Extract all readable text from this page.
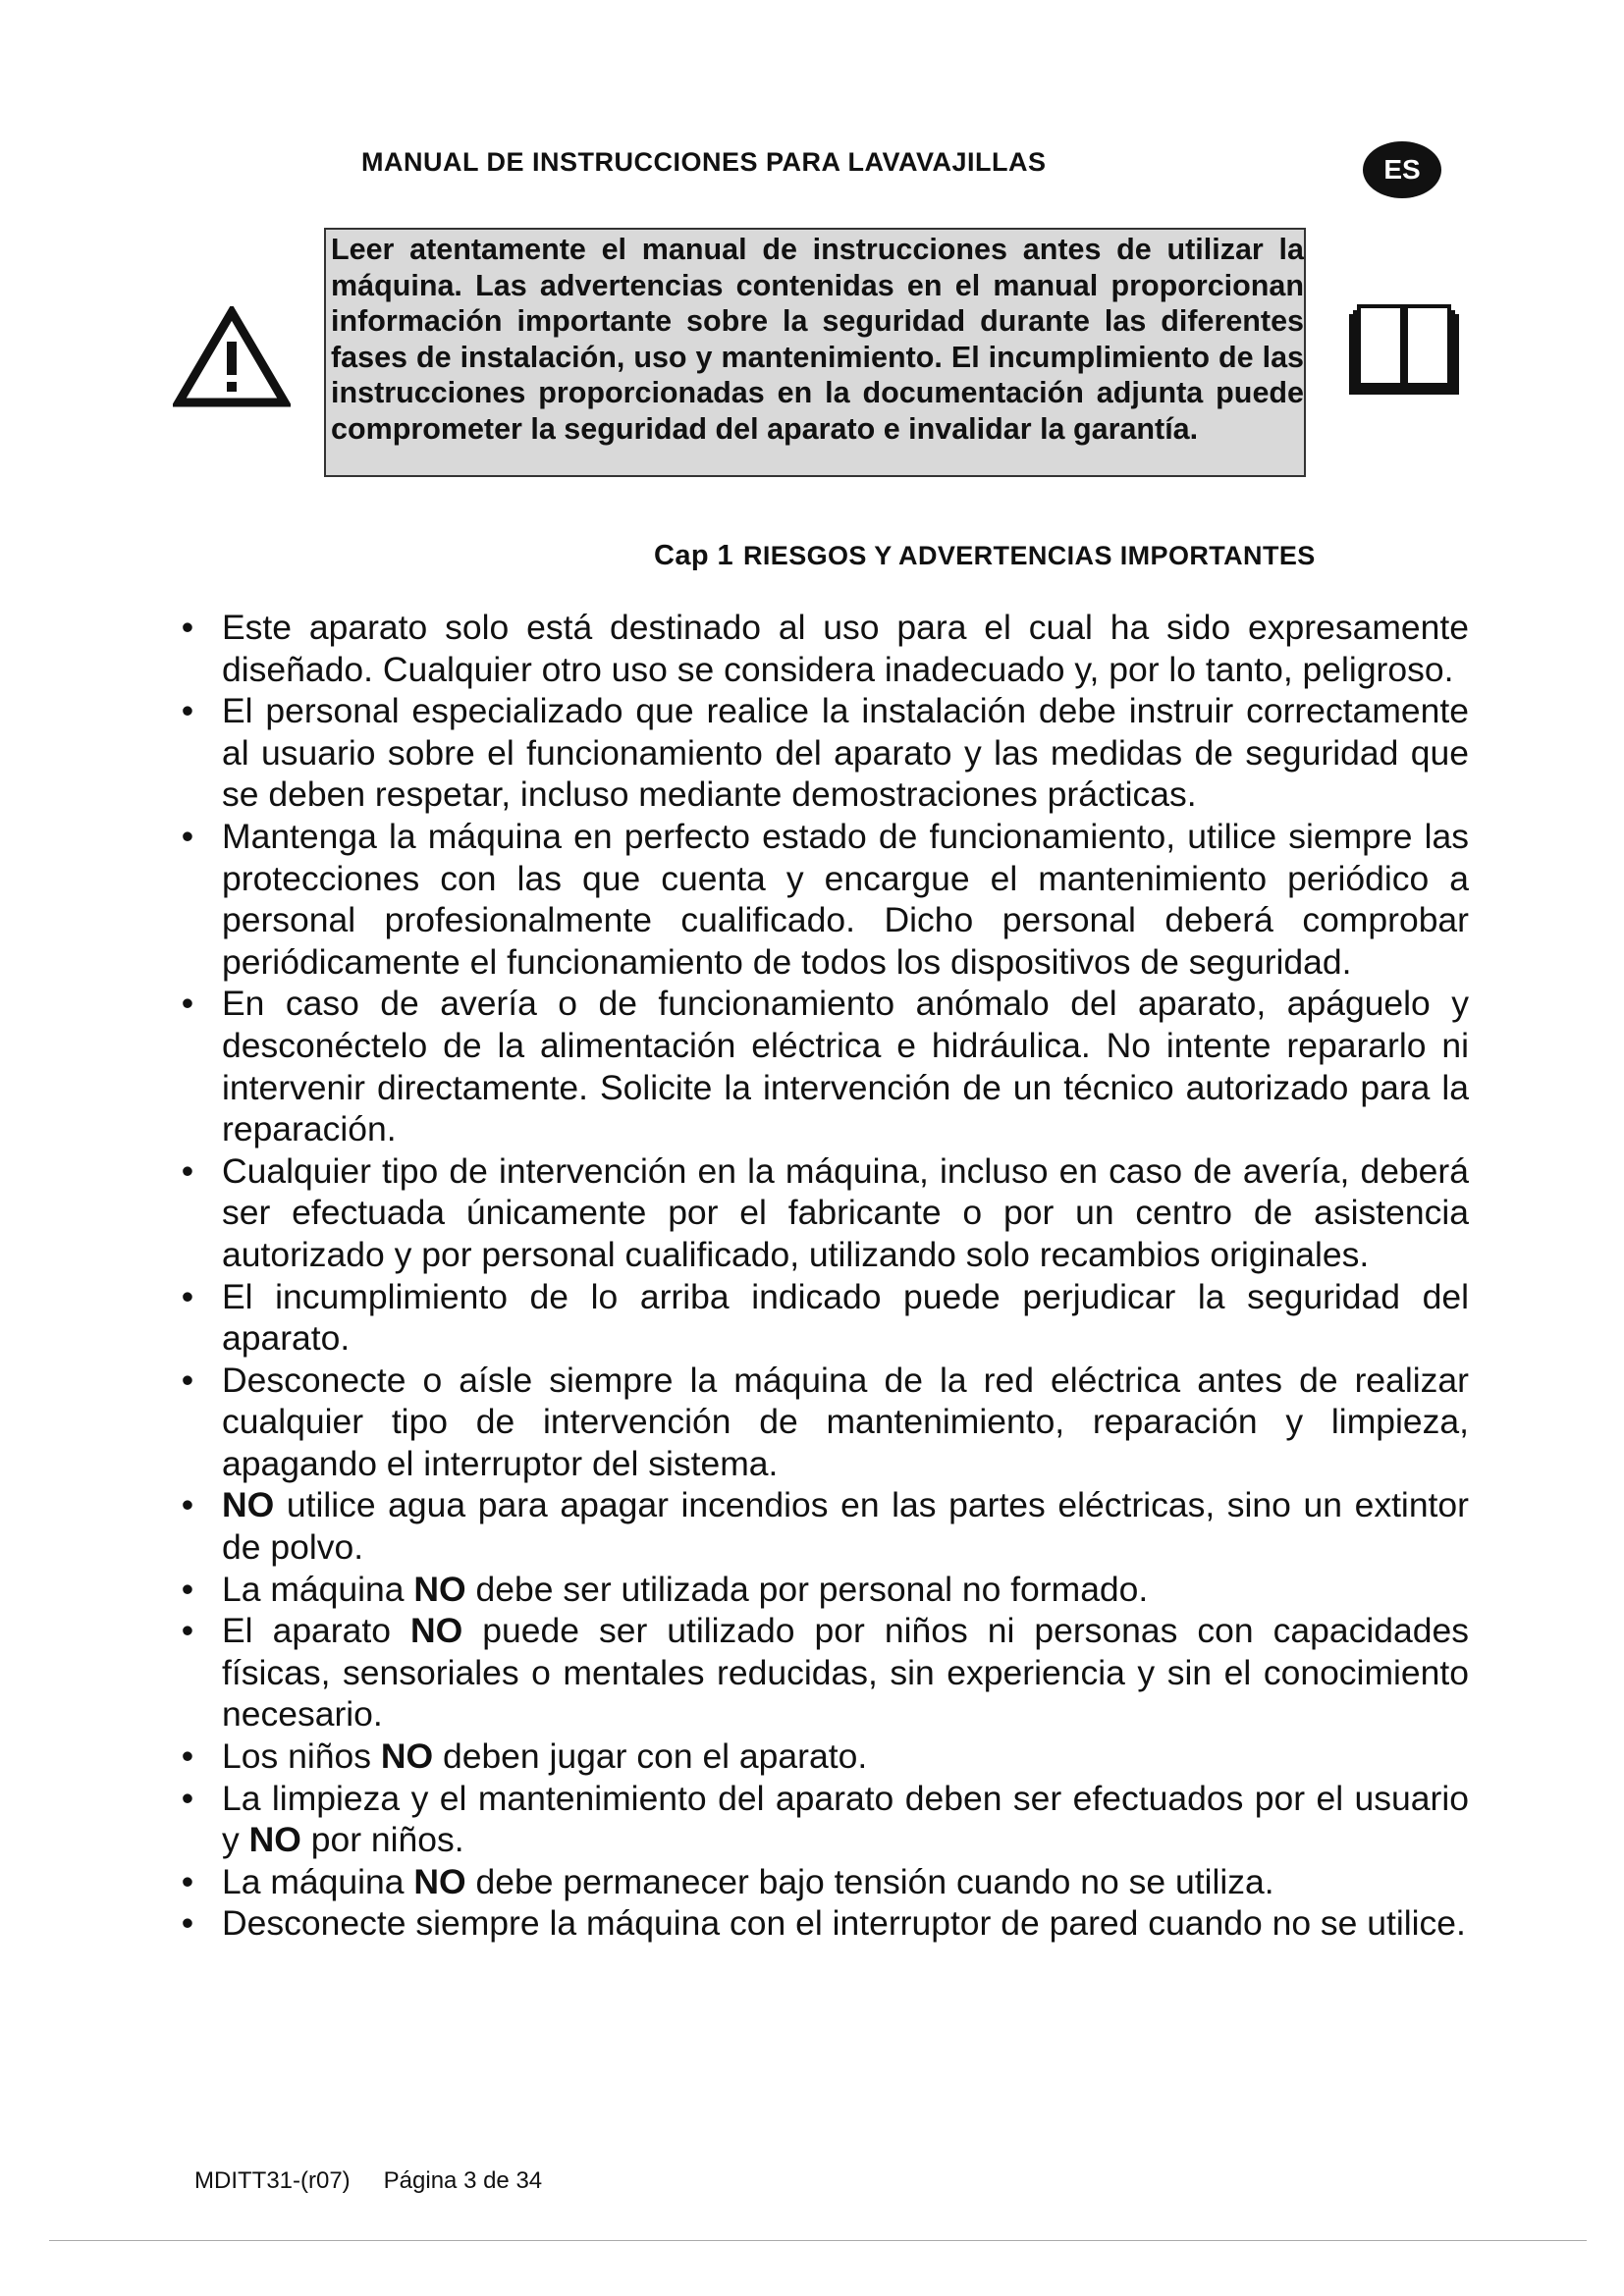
MANUAL DE INSTRUCCIONES PARA LAVAVAJILLAS	ES
Leer atentamente el manual de instrucciones antes de utilizar la máquina. Las advertencias contenidas en el manual proporcionan información importante sobre la seguridad durante las diferentes fases de instalación, uso y mantenimiento. El incumplimiento de las instrucciones proporcionadas en la documentación adjunta puede comprometer la seguridad del aparato e invalidar la garantía.
Cap 1 RIESGOS Y ADVERTENCIAS IMPORTANTES
• Este aparato solo está destinado al uso para el cual ha sido expresamente diseñado. Cualquier otro uso se considera inadecuado y, por lo tanto, peligroso.
• El personal especializado que realice la instalación debe instruir correctamente al usuario sobre el funcionamiento del aparato y las medidas de seguridad que se deben respetar, incluso mediante demostraciones prácticas.
• Mantenga la máquina en perfecto estado de funcionamiento, utilice siempre las protecciones con las que cuenta y encargue el mantenimiento periódico a personal profesionalmente cualificado. Dicho personal deberá comprobar periódicamente el funcionamiento de todos los dispositivos de seguridad.
• En caso de avería o de funcionamiento anómalo del aparato, apáguelo y desconéctelo de la alimentación eléctrica e hidráulica. No intente repararlo ni intervenir directamente. Solicite la intervención de un técnico autorizado para la reparación.
• Cualquier tipo de intervención en la máquina, incluso en caso de avería, deberá ser efectuada únicamente por el fabricante o por un centro de asistencia autorizado y por personal cualificado, utilizando solo recambios originales.
• El incumplimiento de lo arriba indicado puede perjudicar la seguridad del aparato.
• Desconecte o aísle siempre la máquina de la red eléctrica antes de realizar cualquier tipo de intervención de mantenimiento, reparación y limpieza, apagando el interruptor del sistema.
• NO utilice agua para apagar incendios en las partes eléctricas, sino un extintor de polvo.
• La máquina NO debe ser utilizada por personal no formado.
• El aparato NO puede ser utilizado por niños ni personas con capacidades físicas, sensoriales o mentales reducidas, sin experiencia y sin el conocimiento necesario.
• Los niños NO deben jugar con el aparato.
• La limpieza y el mantenimiento del aparato deben ser efectuados por el usuario y NO por niños.
• La máquina NO debe permanecer bajo tensión cuando no se utiliza.
• Desconecte siempre la máquina con el interruptor de pared cuando no se utilice.
MDITT31-(r07) Página 3 de 34
